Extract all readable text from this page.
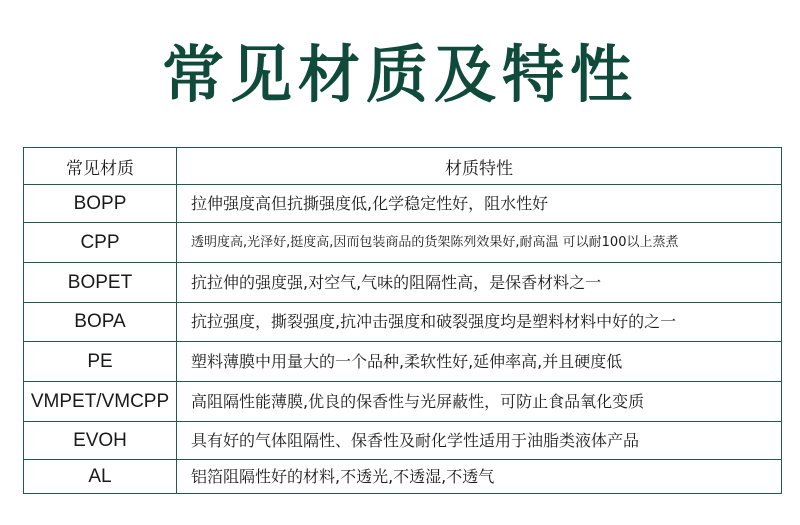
常见材质及特性
常见材质	材质特性
BOPP	拉伸强度高但抗撕强度低,化学稳定性好，阻水性好
CPP	透明度高,光泽好,挺度高,因而包装商品的货架陈列效果好,耐高温 可以耐100以上蒸煮
BOPET	抗拉伸的强度强,对空气,气味的阻隔性高，是保香材料之一
BOPA	抗拉强度，撕裂强度,抗冲击强度和破裂强度均是塑料材料中好的之一
PE	塑料薄膜中用量大的一个品种,柔软性好,延伸率高,并且硬度低
VMPET/VMCPP	高阻隔性能薄膜,优良的保香性与光屏蔽性，可防止食品氧化变质
EVOH	具有好的气体阻隔性、保香性及耐化学性适用于油脂类液体产品
AL	铝箔阻隔性好的材料,不透光,不透湿,不透气
